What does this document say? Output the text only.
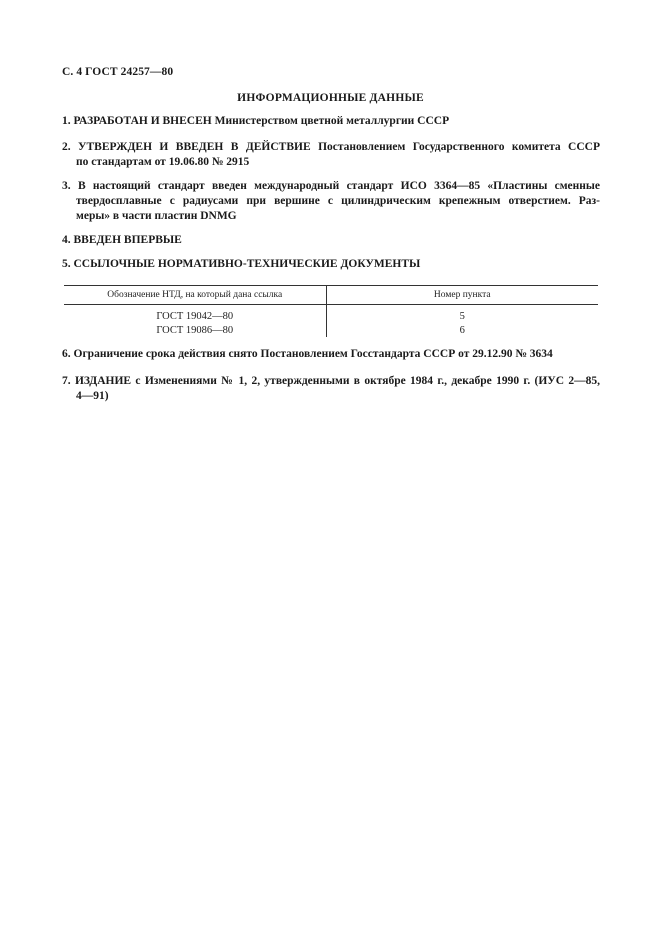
С. 4 ГОСТ 24257—80
ИНФОРМАЦИОННЫЕ ДАННЫЕ
1. РАЗРАБОТАН И ВНЕСЕН Министерством цветной металлургии СССР
2. УТВЕРЖДЕН И ВВЕДЕН В ДЕЙСТВИЕ Постановлением Государственного комитета СССР
по стандартам от 19.06.80 № 2915
3. В настоящий стандарт введен международный стандарт ИСО 3364—85 «Пластины сменные
твердосплавные с радиусами при вершине с цилиндрическим крепежным отверстием. Раз-
меры» в части пластин DNMG
4. ВВЕДЕН ВПЕРВЫЕ
5. ССЫЛОЧНЫЕ НОРМАТИВНО-ТЕХНИЧЕСКИЕ ДОКУМЕНТЫ
Обозначение НТД, на который дана ссылка	Номер пункта
ГОСТ 19042—80	5
ГОСТ 19086—80	6
6. Ограничение срока действия снято Постановлением Госстандарта СССР от 29.12.90 № 3634
7. ИЗДАНИЕ с Изменениями № 1, 2, утвержденными в октябре 1984 г., декабре 1990 г. (ИУС 2—85,
4—91)
